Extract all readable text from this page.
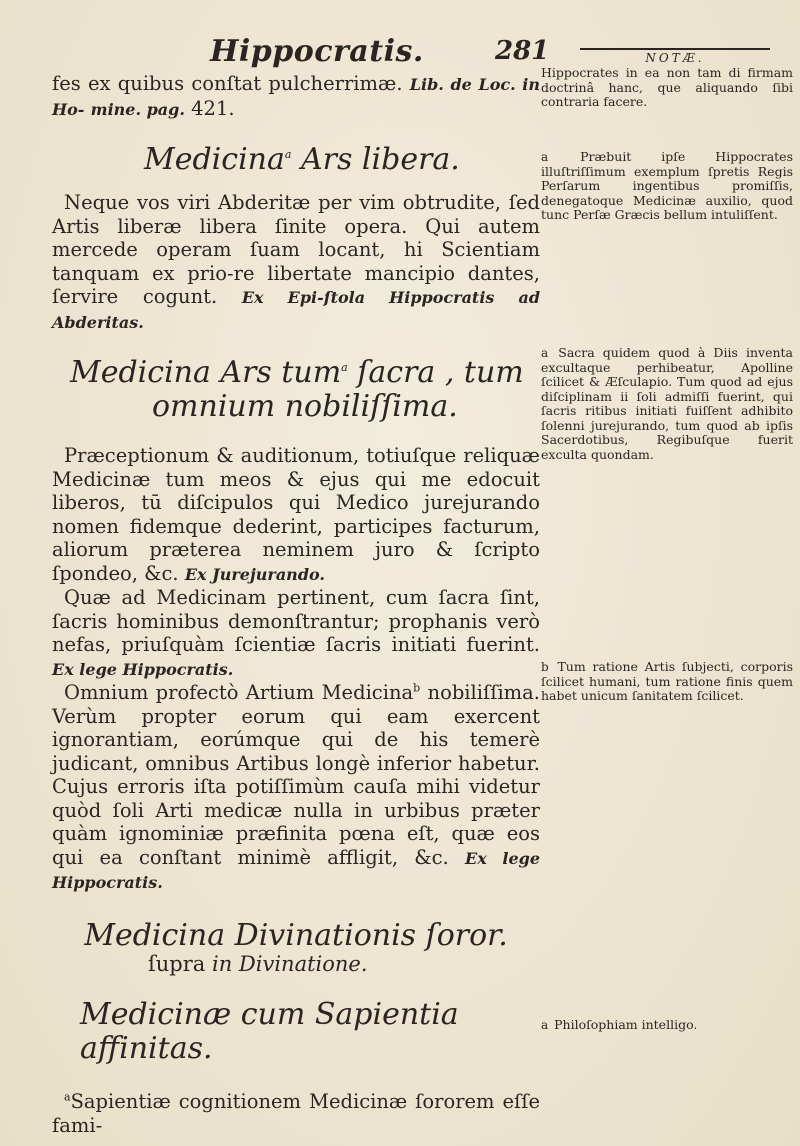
Hippocratis.	281	NOTÆ.

fes ex quibus conſtat pulcherrimæ. Lib. de Loc. in Ho- mine. pag. 421.

Medicina$^a$ Ars libera.

Neque vos viri Abderitæ per vim obtrudite, ſed Artis liberæ libera ſinite opera. Qui autem mercede operam ſuam locant, hi Scientiam tanquam ex prio-re libertate mancipio dantes, ſervire cogunt. Ex Epi-ſtola Hippocratis ad Abderitas.

Medicina Ars tum$^a$ ſacra , tum

omnium nobiliſſima.

Præceptionum & auditionum, totiuſque reliquæ Medicinæ tum meos & ejus qui me edocuit liberos, tū diſcipulos qui Medico jurejurando nomen fidemque dederint, participes facturum, aliorum præterea neminem juro & ſcripto ſpondeo, &c. Ex Jurejurando.

Quæ ad Medicinam pertinent, cum ſacra ſint, ſacris hominibus demonſtrantur; prophanis verò nefas, priuſquàm ſcientiæ ſacris initiati fuerint. Ex lege Hippocratis.

Omnium profectò Artium Medicina$^b$ nobiliſſima. Verùm propter eorum qui eam exercent ignorantiam, eorúmque qui de his temerè judicant, omnibus Artibus longè inferior habetur. Cujus erroris iſta potiſſimùm cauſa mihi videtur quòd ſoli Arti medicæ nulla in urbibus præter quàm ignominiæ præfinita pœna eſt, quæ eos qui ea conſtant minimè affligit, &c. Ex lege Hippocratis.

Medicina Divinationis ſoror.

ſupra in Divinatione.

Medicinæ cum Sapientia affinitas.

$^a$Sapientiæ cognitionem Medicinæ ſororem eſſe fami-

Hippocrates in ea non tam di firmam doctrinâ hanc, que aliquando ſibi contraria facere.
a	Præbuit ipſe Hippocrates illuſtriſſimum exemplum ſpretis Regis Perſarum ingentibus promiſſis, denegatoque Medicinæ auxilio, quod tunc Perſæ Græcis bellum intuliſſent.
a Sacra quidem quod à Diis inventa excultaque perhibeatur, Apolline ſcilicet & Æſculapio. Tum quod ad ejus diſciplinam ii ſoli admiſſi fuerint, qui ſacris ritibus initiati fuiſſent adhibito ſolenni jurejurando, tum quod ab ipſis Sacerdotibus, Regibuſque fuerit exculta quondam.
b Tum ratione Artis ſubjecti, corporis ſcilicet humani, tum ratione finis quem habet unicum ſanitatem ſcilicet.
a Philoſophiam intelligo.
